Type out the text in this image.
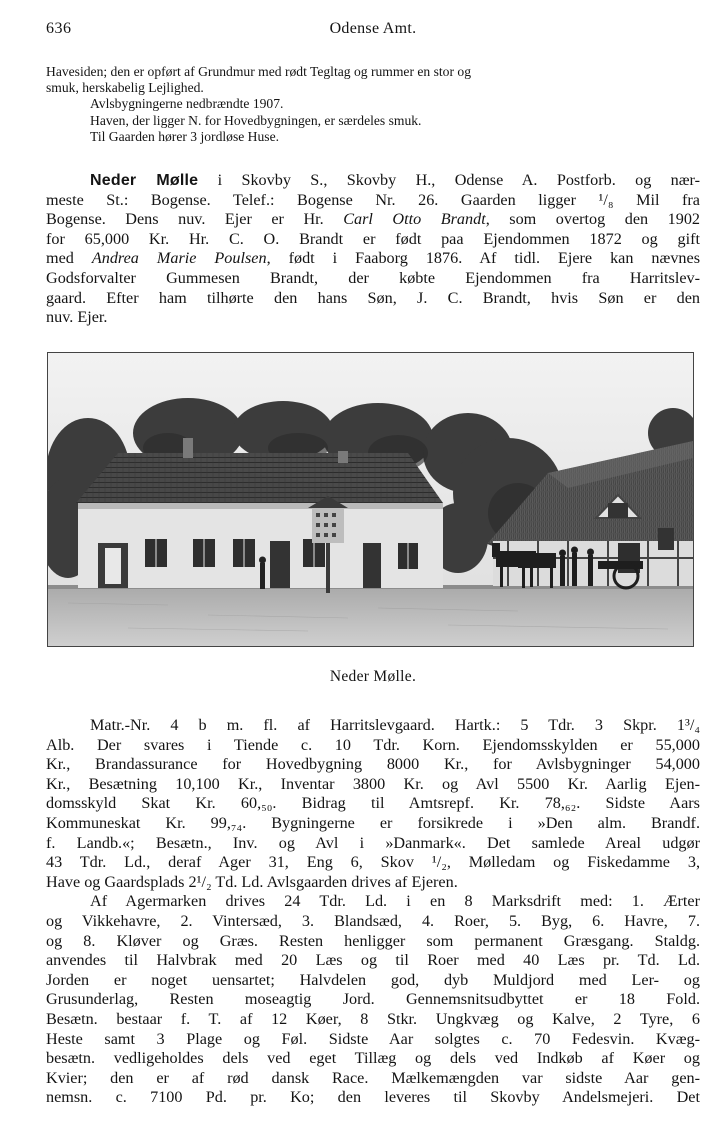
636	Odense Amt.
Havesiden; den er opført af Grundmur med rødt Tegltag og rummer en stor og
smuk, herskabelig Lejlighed.
Avlsbygningerne nedbrændte 1907.
Haven, der ligger N. for Hovedbygningen, er særdeles smuk.
Til Gaarden hører 3 jordløse Huse.
Neder Mølle i Skovby S., Skovby H., Odense A. Postforb. og nær-
meste St.: Bogense. Telef.: Bogense Nr. 26. Gaarden ligger ¹/₈ Mil fra
Bogense. Dens nuv. Ejer er Hr. Carl Otto Brandt, som overtog den 1902
for 65,000 Kr. Hr. C. O. Brandt er født paa Ejendommen 1872 og gift
med Andrea Marie Poulsen, født i Faaborg 1876. Af tidl. Ejere kan nævnes
Godsforvalter Gummesen Brandt, der købte Ejendommen fra Harritslev-
gaard. Efter ham tilhørte den hans Søn, J. C. Brandt, hvis Søn er den
nuv. Ejer.
Neder Mølle.
Matr.-Nr. 4 b m. fl. af Harritslevgaard. Hartk.: 5 Tdr. 3 Skpr. 1³/₄
Alb. Der svares i Tiende c. 10 Tdr. Korn. Ejendomsskylden er 55,000
Kr., Brandassurance for Hovedbygning 8000 Kr., for Avlsbygninger 54,000
Kr., Besætning 10,100 Kr., Inventar 3800 Kr. og Avl 5500 Kr. Aarlig Ejen-
domsskyld Skat Kr. 60,₅₀. Bidrag til Amtsrepf. Kr. 78,₆₂. Sidste Aars
Kommuneskat Kr. 99,₇₄. Bygningerne er forsikrede i »Den alm. Brandf.
f. Landb.«; Besætn., Inv. og Avl i »Danmark«. Det samlede Areal udgør
43 Tdr. Ld., deraf Ager 31, Eng 6, Skov ¹/₂, Mølledam og Fiskedamme 3,
Have og Gaardsplads 2¹/₂ Td. Ld. Avlsgaarden drives af Ejeren.
Af Agermarken drives 24 Tdr. Ld. i en 8 Marksdrift med: 1. Ærter
og Vikkehavre, 2. Vintersæd, 3. Blandsæd, 4. Roer, 5. Byg, 6. Havre, 7.
og 8. Kløver og Græs. Resten henligger som permanent Græsgang. Staldg.
anvendes til Halvbrak med 20 Læs og til Roer med 40 Læs pr. Td. Ld.
Jorden er noget uensartet; Halvdelen god, dyb Muldjord med Ler- og
Grusunderlag, Resten moseagtig Jord. Gennemsnitsudbyttet er 18 Fold.
Besætn. bestaar f. T. af 12 Køer, 8 Stkr. Ungkvæg og Kalve, 2 Tyre, 6
Heste samt 3 Plage og Føl. Sidste Aar solgtes c. 70 Fedesvin. Kvæg-
besætn. vedligeholdes dels ved eget Tillæg og dels ved Indkøb af Køer og
Kvier; den er af rød dansk Race. Mælkemængden var sidste Aar gen-
nemsn. c. 7100 Pd. pr. Ko; den leveres til Skovby Andelsmejeri. Det
